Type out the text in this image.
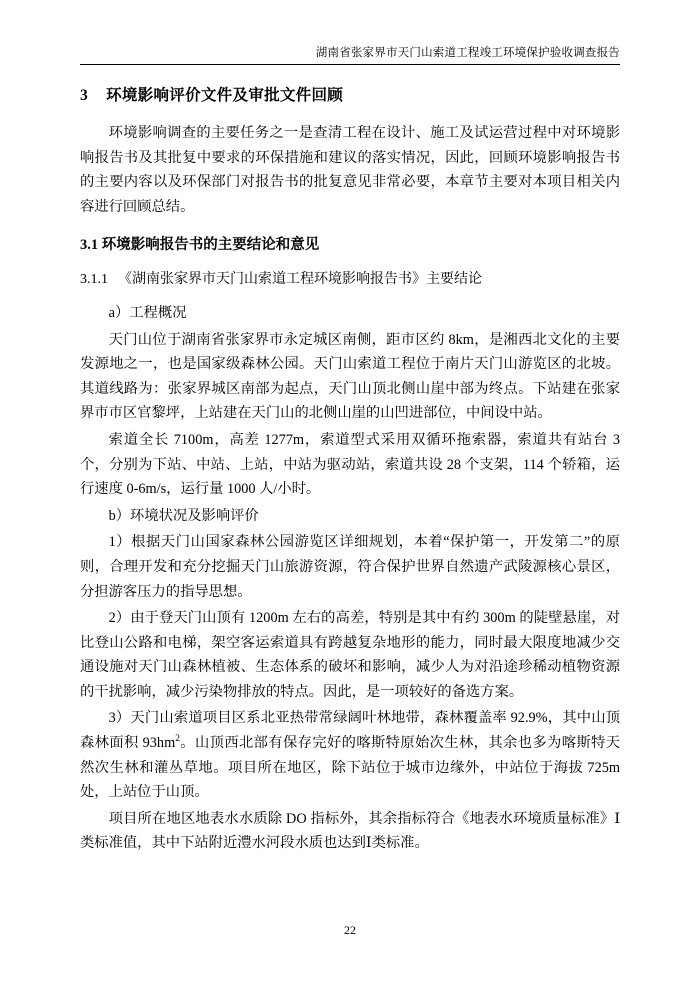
湖南省张家界市天门山索道工程竣工环境保护验收调查报告
3 环境影响评价文件及审批文件回顾

环境影响调查的主要任务之一是查清工程在设计、施工及试运营过程中对环境影响报告书及其批复中要求的环保措施和建议的落实情况，因此，回顾环境影响报告书的主要内容以及环保部门对报告书的批复意见非常必要，本章节主要对本项目相关内容进行回顾总结。

3.1 环境影响报告书的主要结论和意见
3.1.1 《湖南张家界市天门山索道工程环境影响报告书》主要结论

a）工程概况

天门山位于湖南省张家界市永定城区南侧，距市区约 8km，是湘西北文化的主要发源地之一，也是国家级森林公园。天门山索道工程位于南片天门山游览区的北坡。其道线路为：张家界城区南部为起点，天门山顶北侧山崖中部为终点。下站建在张家界市市区官黎坪，上站建在天门山的北侧山崖的山凹进部位，中间设中站。

索道全长 7100m，高差 1277m，索道型式采用双循环拖索器，索道共有站台 3 个，分别为下站、中站、上站，中站为驱动站，索道共设 28 个支架，114 个轿箱，运行速度 0-6m/s，运行量 1000 人/小时。

b）环境状况及影响评价

1）根据天门山国家森林公园游览区详细规划，本着“保护第一，开发第二”的原则，合理开发和充分挖掘天门山旅游资源，符合保护世界自然遗产武陵源核心景区，分担游客压力的指导思想。

2）由于登天门山顶有 1200m 左右的高差，特别是其中有约 300m 的陡壁悬崖，对比登山公路和电梯，架空客运索道具有跨越复杂地形的能力，同时最大限度地减少交通设施对天门山森林植被、生态体系的破坏和影响，减少人为对沿途珍稀动植物资源的干扰影响，减少污染物排放的特点。因此，是一项较好的备选方案。

3）天门山索道项目区系北亚热带常绿阔叶林地带，森林覆盖率 92.9%，其中山顶森林面积 $93hm^2$。山顶西北部有保存完好的喀斯特原始次生林，其余也多为喀斯特天然次生林和灌丛草地。项目所在地区，除下站位于城市边缘外，中站位于海拔 725m 处，上站位于山顶。

项目所在地区地表水水质除 DO 指标外，其余指标符合《地表水环境质量标准》Ⅰ类标准值，其中下站附近澧水河段水质也达到Ⅰ类标准。

22
